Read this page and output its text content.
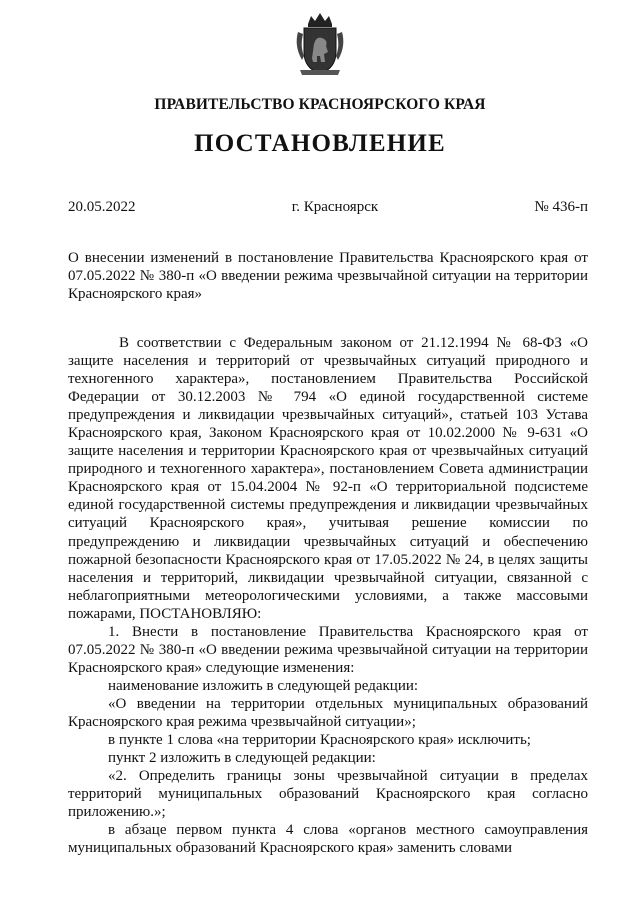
ПРАВИТЕЛЬСТВО КРАСНОЯРСКОГО КРАЯ
ПОСТАНОВЛЕНИЕ
20.05.2022	г. Красноярск	№ 436-п
О внесении изменений в постановление Правительства Красноярского края от 07.05.2022 № 380-п «О введении режима чрезвычайной ситуации на территории Красноярского края»

В соответствии с Федеральным законом от 21.12.1994 № 68-ФЗ «О защите населения и территорий от чрезвычайных ситуаций природного и техногенного характера», постановлением Правительства Российской Федерации от 30.12.2003 № 794 «О единой государственной системе предупреждения и ликвидации чрезвычайных ситуаций», статьей 103 Устава Красноярского края, Законом Красноярского края от 10.02.2000 № 9-631 «О защите населения и территории Красноярского края от чрезвычайных ситуаций природного и техногенного характера», постановлением Совета администрации Красноярского края от 15.04.2004 № 92-п «О территориальной подсистеме единой государственной системы предупреждения и ликвидации чрезвычайных ситуаций Красноярского края», учитывая решение комиссии по предупреждению и ликвидации чрезвычайных ситуаций и обеспечению пожарной безопасности Красноярского края от 17.05.2022 № 24, в целях защиты населения и территорий, ликвидации чрезвычайной ситуации, связанной с неблагоприятными метеорологическими условиями, а также массовыми пожарами, ПОСТАНОВЛЯЮ:

1. Внести в постановление Правительства Красноярского края от 07.05.2022 № 380-п «О введении режима чрезвычайной ситуации на территории Красноярского края» следующие изменения:

наименование изложить в следующей редакции:

«О введении на территории отдельных муниципальных образований Красноярского края режима чрезвычайной ситуации»;

в пункте 1 слова «на территории Красноярского края» исключить;

пункт 2 изложить в следующей редакции:

«2. Определить границы зоны чрезвычайной ситуации в пределах территорий муниципальных образований Красноярского края согласно приложению.»;

в абзаце первом пункта 4 слова «органов местного самоуправления муниципальных образований Красноярского края» заменить словами
